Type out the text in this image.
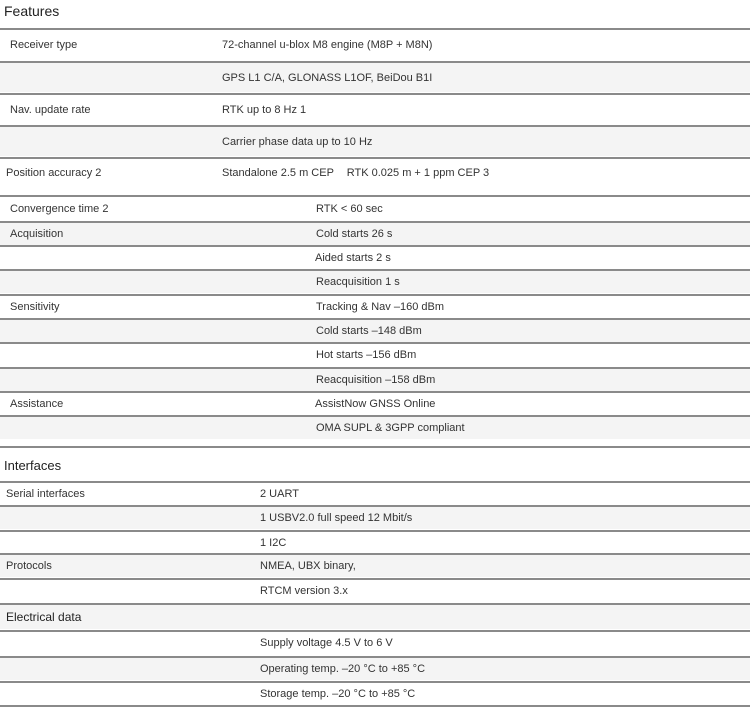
Features
Receiver type	72-channel u-blox M8 engine (M8P + M8N)
GPS L1 C/A, GLONASS L1OF, BeiDou B1I
Nav. update rate	RTK up to 8 Hz 1
Carrier phase data up to 10 Hz
Position accuracy 2	Standalone 2.5 m CEP RTK 0.025 m + 1 ppm CEP 3
Convergence time 2	RTK < 60 sec
Acquisition	Cold starts 26 s
Aided starts 2 s
Reacquisition 1 s
Sensitivity	Tracking & Nav –160 dBm
Cold starts –148 dBm
Hot starts –156 dBm
Reacquisition –158 dBm
Assistance	AssistNow GNSS Online
OMA SUPL & 3GPP compliant
Interfaces
Serial interfaces	2 UART
1 USBV2.0 full speed 12 Mbit/s
1 I2C
Protocols	NMEA, UBX binary,
RTCM version 3.x
Electrical data
Supply voltage 4.5 V to 6 V
Operating temp. –20 °C to +85 °C
Storage temp. –20 °C to +85 °C
